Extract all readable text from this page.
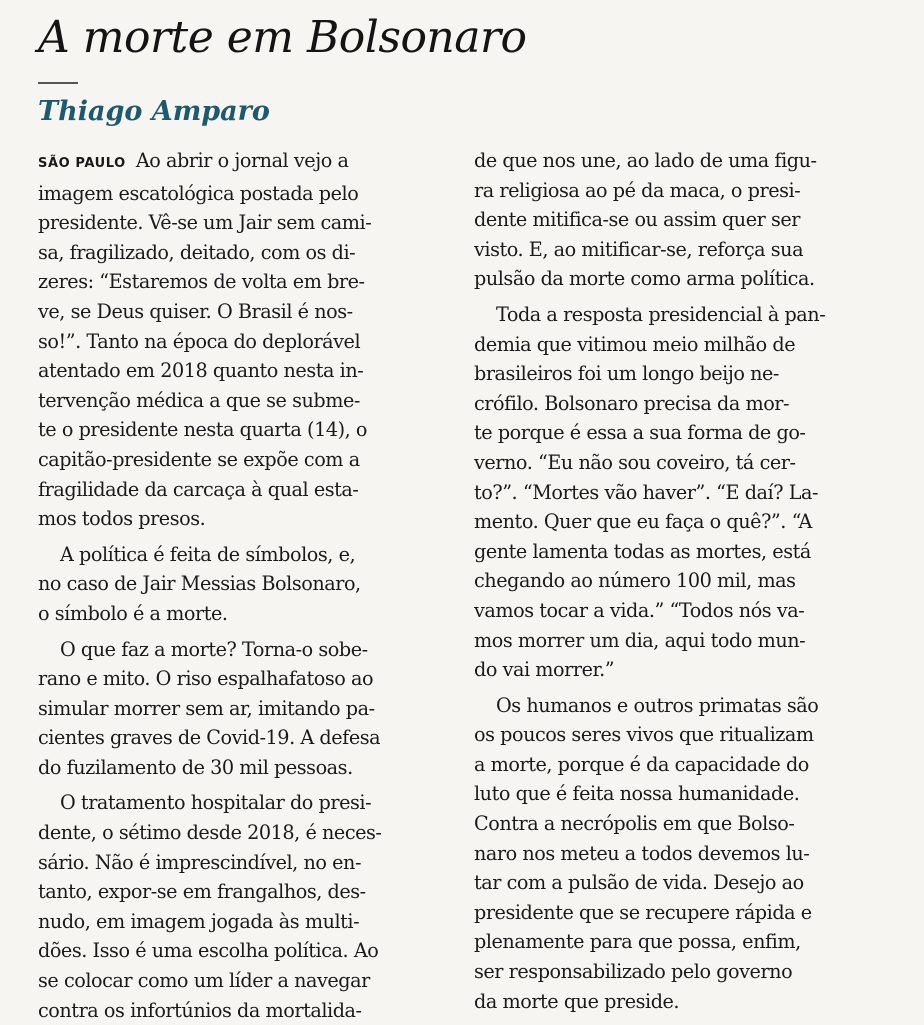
A morte em Bolsonaro
Thiago Amparo
SÃO PAULO Ao abrir o jornal vejo a
imagem escatológica postada pelo
presidente. Vê-se um Jair sem cami-
sa, fragilizado, deitado, com os di-
zeres: “Estaremos de volta em bre-
ve, se Deus quiser. O Brasil é nos-
so!”. Tanto na época do deplorável
atentado em 2018 quanto nesta in-
tervenção médica a que se subme-
te o presidente nesta quarta (14), o
capitão-presidente se expõe com a
fragilidade da carcaça à qual esta-
mos todos presos.
A política é feita de símbolos, e,
no caso de Jair Messias Bolsonaro,
o símbolo é a morte.
O que faz a morte? Torna-o sobe-
rano e mito. O riso espalhafatoso ao
simular morrer sem ar, imitando pa-
cientes graves de Covid-19. A defesa
do fuzilamento de 30 mil pessoas.
O tratamento hospitalar do presi-
dente, o sétimo desde 2018, é neces-
sário. Não é imprescindível, no en-
tanto, expor-se em frangalhos, des-
nudo, em imagem jogada às multi-
dões. Isso é uma escolha política. Ao
se colocar como um líder a navegar
contra os infortúnios da mortalida-
de que nos une, ao lado de uma figu-
ra religiosa ao pé da maca, o presi-
dente mitifica-se ou assim quer ser
visto. E, ao mitificar-se, reforça sua
pulsão da morte como arma política.
Toda a resposta presidencial à pan-
demia que vitimou meio milhão de
brasileiros foi um longo beijo ne-
crófilo. Bolsonaro precisa da mor-
te porque é essa a sua forma de go-
verno. “Eu não sou coveiro, tá cer-
to?”. “Mortes vão haver”. “E daí? La-
mento. Quer que eu faça o quê?”. “A
gente lamenta todas as mortes, está
chegando ao número 100 mil, mas
vamos tocar a vida.” “Todos nós va-
mos morrer um dia, aqui todo mun-
do vai morrer.”
Os humanos e outros primatas são
os poucos seres vivos que ritualizam
a morte, porque é da capacidade do
luto que é feita nossa humanidade.
Contra a necrópolis em que Bolso-
naro nos meteu a todos devemos lu-
tar com a pulsão de vida. Desejo ao
presidente que se recupere rápida e
plenamente para que possa, enfim,
ser responsabilizado pelo governo
da morte que preside.
